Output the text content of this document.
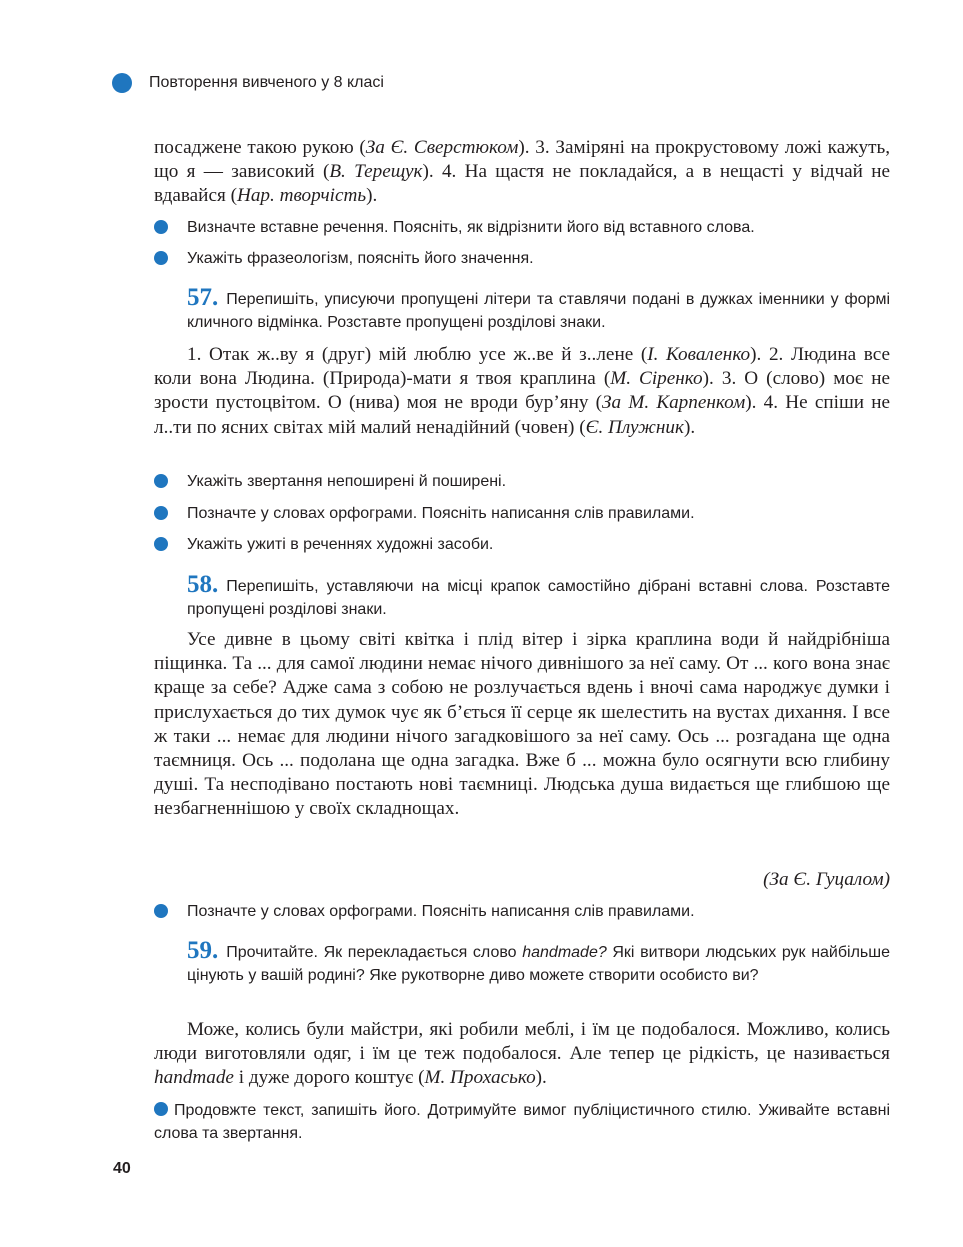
Повторення вивченого у 8 класі

посаджене такою рукою (За Є. Сверстюком). 3. Заміряні на прокрустовому ложі кажуть, що я — зависокий (В. Терещук). 4. На щастя не покладайся, а в нещасті у відчай не вдавайся (Нар. творчість).

Визначте вставне речення. Поясніть, як відрізнити його від вставного слова.
Укажіть фразеологізм, поясніть його значення.

57. Перепишіть, уписуючи пропущені літери та ставлячи подані в дужках іменники у формі кличного відмінка. Розставте пропущені розділові знаки.

1. Отак ж..ву я (друг) мій люблю усе ж..ве й з..лене (І. Коваленко). 2. Людина все коли вона Людина. (Природа)-мати я твоя краплина (М. Сіренко). 3. О (слово) моє не зрости пустоцвітом. О (нива) моя не вроди бур’яну (За М. Карпенком). 4. Не спіши не л..ти по ясних світах мій малий ненадійний (човен) (Є. Плужник).

Укажіть звертання непоширені й поширені.
Позначте у словах орфограми. Поясніть написання слів правилами.
Укажіть ужиті в реченнях художні засоби.

58. Перепишіть, уставляючи на місці крапок самостійно дібрані вставні слова. Розставте пропущені розділові знаки.

Усе дивне в цьому світі квітка і плід вітер і зірка краплина води й найдрібніша піщинка. Та ... для самої людини немає нічого дивнішого за неї саму. От ... кого вона знає краще за себе? Адже сама з собою не розлучається вдень і вночі сама народжує думки і прислухається до тих думок чує як б’ється її серце як шелестить на вустах дихання. І все ж таки ... немає для людини нічого загадковішого за неї саму. Ось ... розгадана ще одна таємниця. Ось ... подолана ще одна загадка. Вже б ... можна було осягнути всю глибину душі. Та несподівано постають нові таємниці. Людська душа видається ще глибшою ще незбагненнішою у своїх складнощах.

(За Є. Гуцалом)
Позначте у словах орфограми. Поясніть написання слів правилами.

59. Прочитайте. Як перекладається слово handmade? Які витвори людських рук найбільше цінують у вашій родині? Яке рукотворне диво можете створити особисто ви?

Може, колись були майстри, які робили меблі, і їм це подобалося. Можливо, колись люди виготовляли одяг, і їм це теж подобалося. Але тепер це рідкість, це називається handmade і дуже дорого коштує (М. Прохасько).

Продовжте текст, запишіть його. Дотримуйте вимог публіцистичного стилю. Уживайте вставні слова та звертання.
40
